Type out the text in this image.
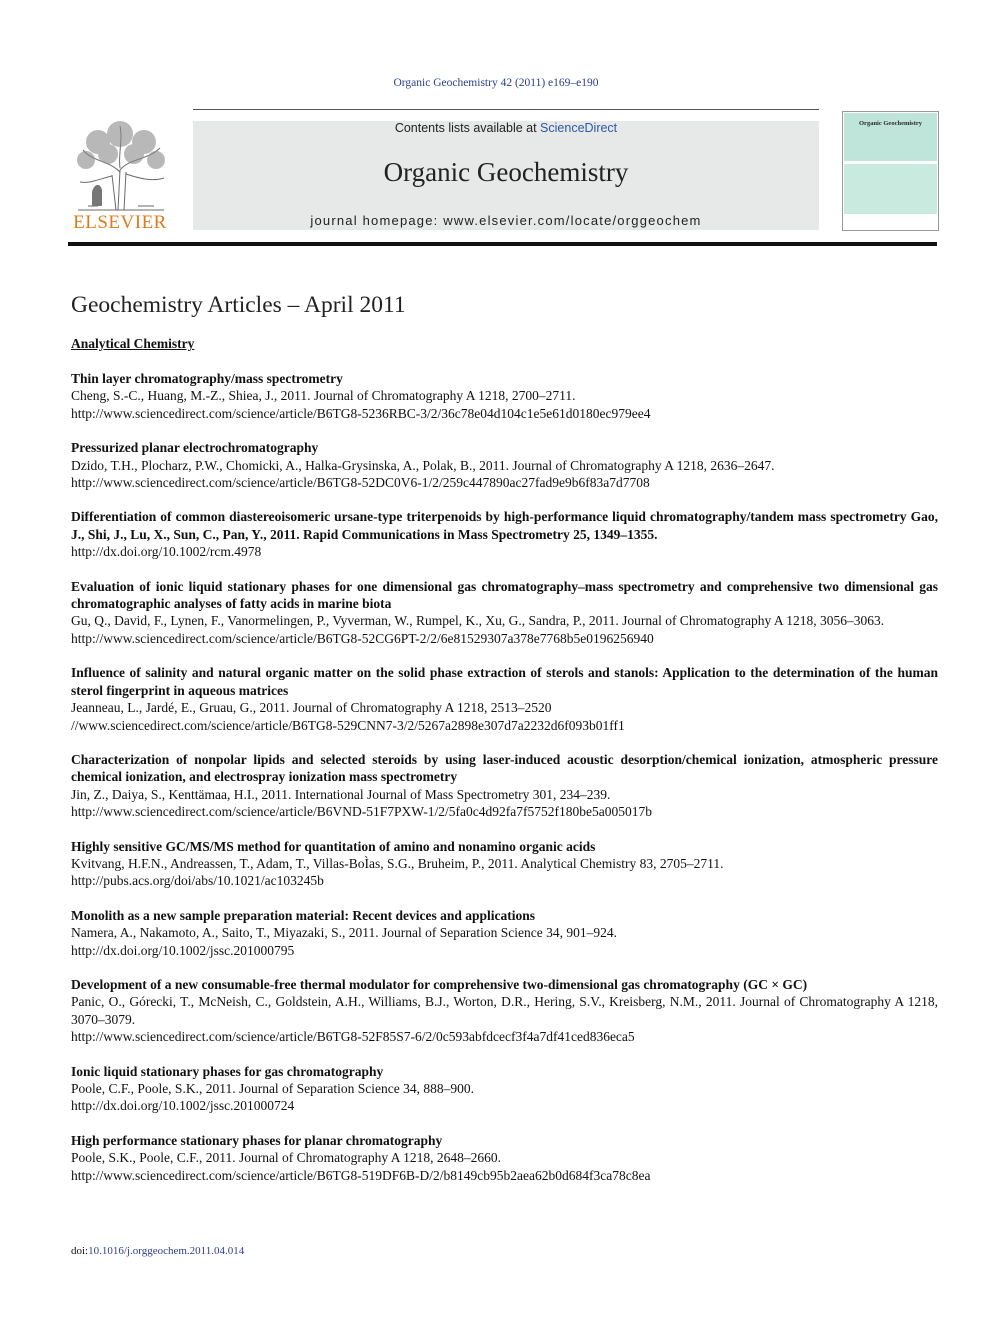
Organic Geochemistry 42 (2011) e169–e190
ELSEVIER
Contents lists available at ScienceDirect
Organic Geochemistry
journal homepage: www.elsevier.com/locate/orggeochem
Organic Geochemistry
Geochemistry Articles – April 2011
Analytical Chemistry
Thin layer chromatography/mass spectrometry
Cheng, S.-C., Huang, M.-Z., Shiea, J., 2011. Journal of Chromatography A 1218, 2700–2711.
http://www.sciencedirect.com/science/article/B6TG8-5236RBC-3/2/36c78e04d104c1e5e61d0180ec979ee4
Pressurized planar electrochromatography
Dzido, T.H., Plocharz, P.W., Chomicki, A., Halka-Grysinska, A., Polak, B., 2011. Journal of Chromatography A 1218, 2636–2647.
http://www.sciencedirect.com/science/article/B6TG8-52DC0V6-1/2/259c447890ac27fad9e9b6f83a7d7708
Differentiation of common diastereoisomeric ursane-type triterpenoids by high-performance liquid chromatography/tandem mass spectrometry Gao, J., Shi, J., Lu, X., Sun, C., Pan, Y., 2011. Rapid Communications in Mass Spectrometry 25, 1349–1355.
http://dx.doi.org/10.1002/rcm.4978
Evaluation of ionic liquid stationary phases for one dimensional gas chromatography–mass spectrometry and comprehensive two dimensional gas chromatographic analyses of fatty acids in marine biota
Gu, Q., David, F., Lynen, F., Vanormelingen, P., Vyverman, W., Rumpel, K., Xu, G., Sandra, P., 2011. Journal of Chromatography A 1218, 3056–3063.
http://www.sciencedirect.com/science/article/B6TG8-52CG6PT-2/2/6e81529307a378e7768b5e0196256940
Influence of salinity and natural organic matter on the solid phase extraction of sterols and stanols: Application to the determination of the human sterol fingerprint in aqueous matrices
Jeanneau, L., Jardé, E., Gruau, G., 2011. Journal of Chromatography A 1218, 2513–2520
//www.sciencedirect.com/science/article/B6TG8-529CNN7-3/2/5267a2898e307d7a2232d6f093b01ff1
Characterization of nonpolar lipids and selected steroids by using laser-induced acoustic desorption/chemical ionization, atmospheric pressure chemical ionization, and electrospray ionization mass spectrometry
Jin, Z., Daiya, S., Kenttämaa, H.I., 2011. International Journal of Mass Spectrometry 301, 234–239.
http://www.sciencedirect.com/science/article/B6VND-51F7PXW-1/2/5fa0c4d92fa7f5752f180be5a005017b
Highly sensitive GC/MS/MS method for quantitation of amino and nonamino organic acids
Kvitvang, H.F.N., Andreassen, T., Adam, T., Villas-BoÌas, S.G., Bruheim, P., 2011. Analytical Chemistry 83, 2705–2711.
http://pubs.acs.org/doi/abs/10.1021/ac103245b
Monolith as a new sample preparation material: Recent devices and applications
Namera, A., Nakamoto, A., Saito, T., Miyazaki, S., 2011. Journal of Separation Science 34, 901–924.
http://dx.doi.org/10.1002/jssc.201000795
Development of a new consumable-free thermal modulator for comprehensive two-dimensional gas chromatography (GC × GC)
Panic, O., Górecki, T., McNeish, C., Goldstein, A.H., Williams, B.J., Worton, D.R., Hering, S.V., Kreisberg, N.M., 2011. Journal of Chromatography A 1218, 3070–3079.
http://www.sciencedirect.com/science/article/B6TG8-52F85S7-6/2/0c593abfdcecf3f4a7df41ced836eca5
Ionic liquid stationary phases for gas chromatography
Poole, C.F., Poole, S.K., 2011. Journal of Separation Science 34, 888–900.
http://dx.doi.org/10.1002/jssc.201000724
High performance stationary phases for planar chromatography
Poole, S.K., Poole, C.F., 2011. Journal of Chromatography A 1218, 2648–2660.
http://www.sciencedirect.com/science/article/B6TG8-519DF6B-D/2/b8149cb95b2aea62b0d684f3ca78c8ea
doi:10.1016/j.orggeochem.2011.04.014
